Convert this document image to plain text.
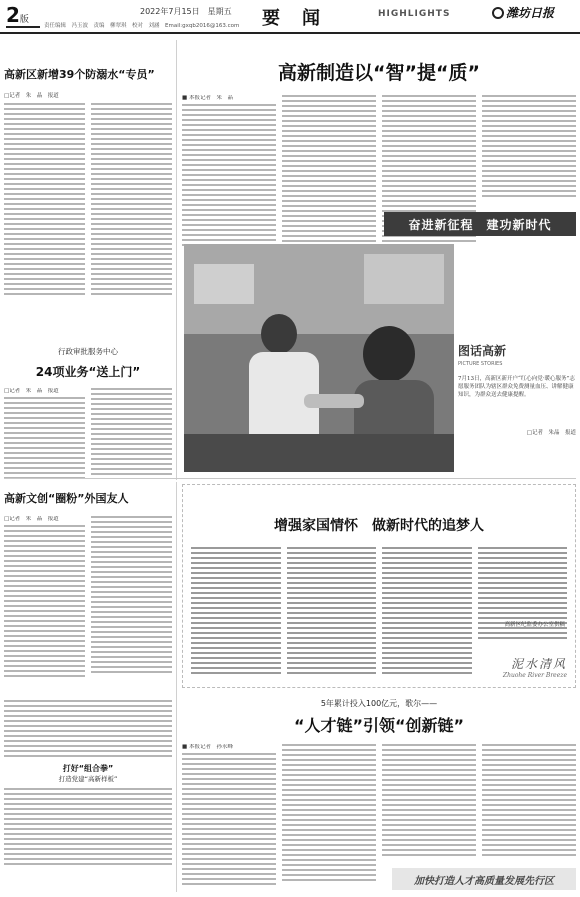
2版
2022年7月15日　星期五
责任编辑　冯玉波　责编　柳翠琪　校对　刘涵　Email:gxqb2016@163.com 要　闻	HIGHLIGHTS	潍坊日报
高新区新增39个防溺水“专员”
□记者　朱　晶　报道
行政审批服务中心
24项业务“送上门”
□记者　朱　晶　报道
高新制造以“智”提“质”
■ 本报记者　朱　晶
奋进新征程　建功新时代
图话高新
PICTURE STORIES
7月13日，高新区新开户“红心向党·暖心服务”志愿服务团队为辖区群众免费测量血压、讲解健康知识，为群众送去健康提醒。
□记者　朱晶　报道
高新文创“圈粉”外国友人
□记者　朱　晶　报道	增强家国情怀　做新时代的追梦人
高新区纪监委办公室供稿
泥水清风
Zhuohe River Breeze
打好“组合拳”
打造党建“高新样板”
5年累计投入100亿元，歌尔——
“人才链”引领“创新链”
■ 本报记者　孙永峰
加快打造人才高质量发展先行区
